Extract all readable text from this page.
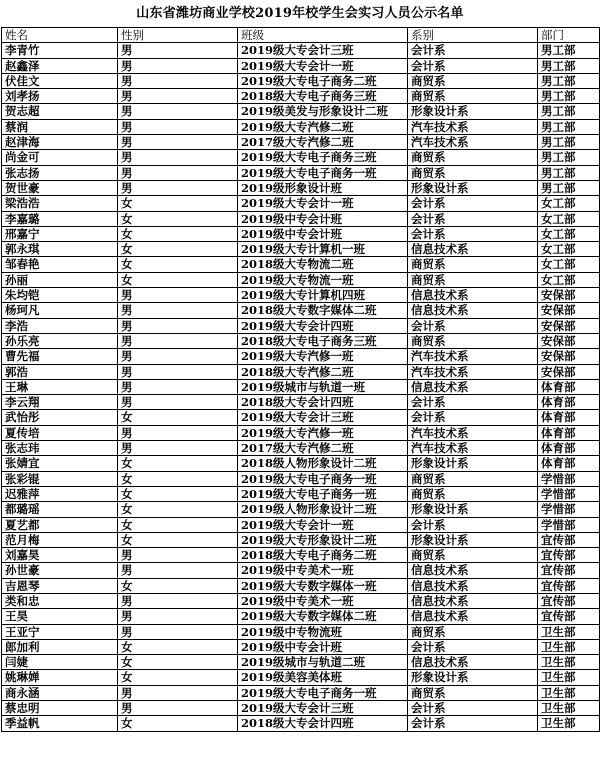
山东省潍坊商业学校2019年校学生会实习人员公示名单
姓名	性别	班级	系别	部门
李青竹	男	2019级大专会计三班	会计系	男工部
赵鑫泽	男	2019级大专会计一班	会计系	男工部
伏佳文	男	2019级大专电子商务二班	商贸系	男工部
刘孝扬	男	2018级大专电子商务三班	商贸系	男工部
贺志超	男	2019级美发与形象设计二班	形象设计系	男工部
蔡润	男	2019级大专汽修二班	汽车技术系	男工部
赵津海	男	2017级大专汽修二班	汽车技术系	男工部
尚金可	男	2019级大专电子商务三班	商贸系	男工部
张志扬	男	2019级大专电子商务一班	商贸系	男工部
贺世豪	男	2019级形象设计班	形象设计系	男工部
梁浩浩	女	2019级大专会计一班	会计系	女工部
李嘉璐	女	2019级中专会计班	会计系	女工部
邢嘉宁	女	2019级中专会计班	会计系	女工部
郭永琪	女	2019级大专计算机一班	信息技术系	女工部
邹春艳	女	2018级大专物流二班	商贸系	女工部
孙丽	女	2019级大专物流一班	商贸系	女工部
朱均铠	男	2019级大专计算机四班	信息技术系	安保部
杨珂凡	男	2018级大专数字媒体二班	信息技术系	安保部
李浩	男	2019级大专会计四班	会计系	安保部
孙乐亮	男	2018级大专电子商务三班	商贸系	安保部
曹先福	男	2019级大专汽修一班	汽车技术系	安保部
郭浩	男	2018级大专汽修二班	汽车技术系	安保部
王琳	男	2019级城市与轨道一班	信息技术系	体育部
李云翔	男	2018级大专会计四班	会计系	体育部
武怡彤	女	2019级大专会计三班	会计系	体育部
夏传培	男	2019级大专汽修一班	汽车技术系	体育部
张志玮	男	2017级大专汽修二班	汽车技术系	体育部
张婧宜	女	2018级人物形象设计二班	形象设计系	体育部
张彩锟	女	2019级大专电子商务一班	商贸系	学惜部
迟雅萍	女	2019级大专电子商务一班	商贸系	学惜部
都璐瑶	女	2019级人物形象设计二班	形象设计系	学惜部
夏艺都	女	2019级大专会计一班	会计系	学惜部
范月梅	女	2019级大专形象设计二班	形象设计系	宜传部
刘嘉昊	男	2018级大专电子商务二班	商贸系	宜传部
孙世豪	男	2019级中专美术一班	信息技术系	宜传部
吉恩琴	女	2019级大专数字媒体一班	信息技术系	宜传部
类和忠	男	2019级中专美术一班	信息技术系	宜传部
王昊	男	2019级大专数字媒体二班	信息技术系	宜传部
王亚宁	男	2019级中专物流班	商贸系	卫生部
郎加利	女	2019级中专会计班	会计系	卫生部
闫婕	女	2019级城市与轨道二班	信息技术系	卫生部
姚琳婵	女	2019级美容美体班	形象设计系	卫生部
商永涵	男	2019级大专电子商务一班	商贸系	卫生部
蔡忠明	男	2019级大专会计三班	会计系	卫生部
季益帆	女	2018级大专会计四班	会计系	卫生部
